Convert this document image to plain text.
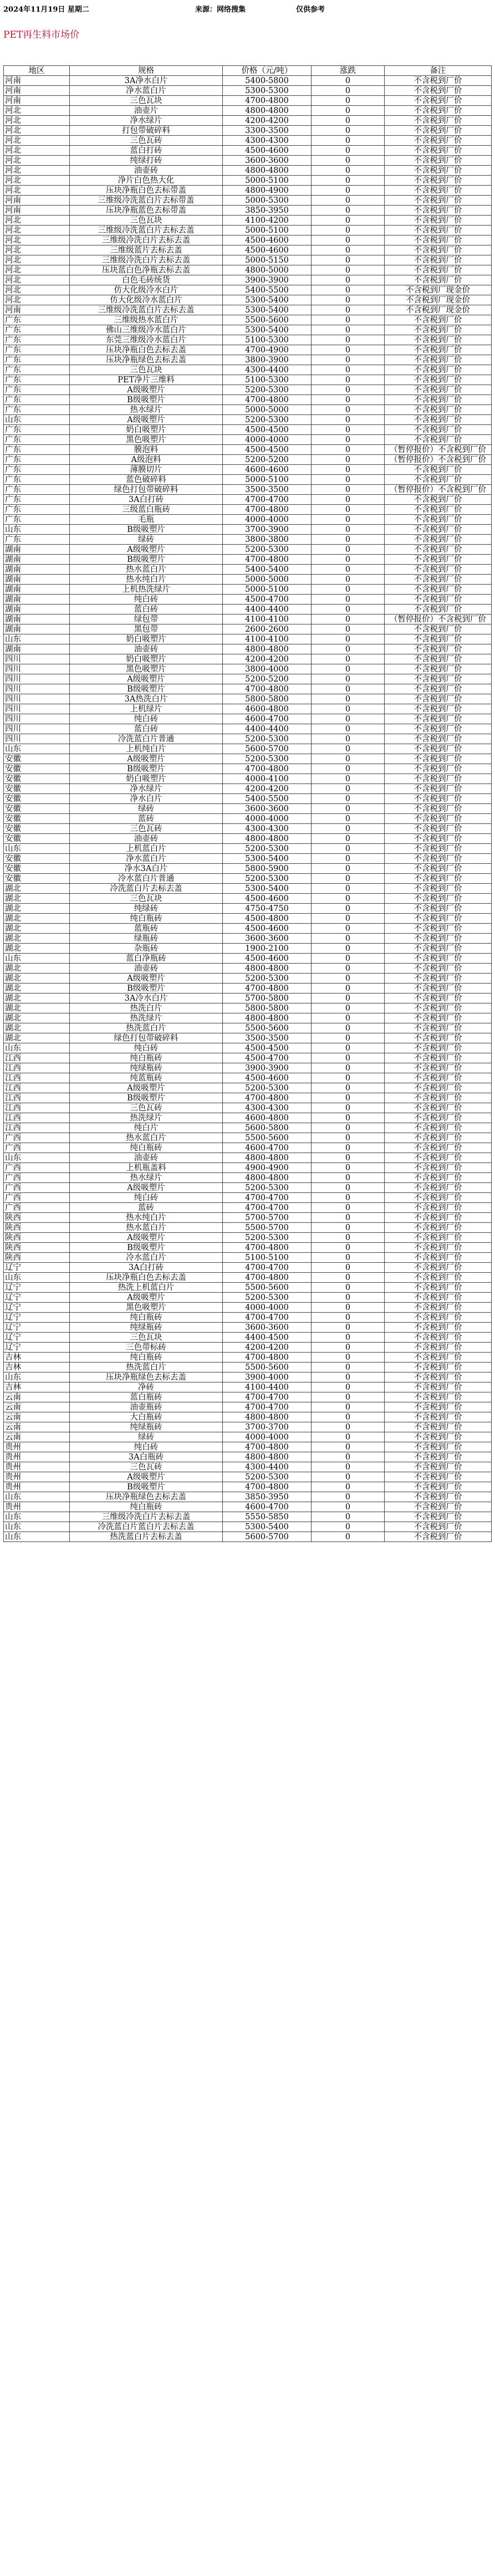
2024年11月19日 星期二	来源：网络搜集	仅供参考
PET再生料市场价
地区	规格	价格（元/吨）	涨跌	备注
河南	3A净水白片	5400-5800	0	不含税到厂价
河南	净水蓝白片	5300-5300	0	不含税到厂价
河南	三色瓦块	4700-4800	0	不含税到厂价
河北	油壶片	4800-4800	0	不含税到厂价
河北	净水绿片	4200-4200	0	不含税到厂价
河北	打包带破碎料	3300-3500	0	不含税到厂价
河北	三色瓦砖	4300-4300	0	不含税到厂价
河北	蓝白打砖	4500-4600	0	不含税到厂价
河北	纯绿打砖	3600-3600	0	不含税到厂价
河北	油壶砖	4800-4800	0	不含税到厂价
河北	净片白色热大化	5000-5100	0	不含税到厂价
河北	压块净瓶白色去标带盖	4800-4900	0	不含税到厂价
河南	三维级冷洗蓝白片去标带盖	5000-5300	0	不含税到厂价
河南	压块净瓶蓝色去标带盖	3850-3950	0	不含税到厂价
河北	三色瓦块	4100-4200	0	不含税到厂价
河北	三维级冷洗蓝白片去标去盖	5000-5100	0	不含税到厂价
河北	三维级冷洗白片去标去盖	4500-4600	0	不含税到厂价
河北	三维级蓝片去标去盖	4500-4600	0	不含税到厂价
河北	三维级冷洗白片去标去盖	5000-5150	0	不含税到厂价
河北	压块蓝白色净瓶去标去盖	4800-5000	0	不含税到厂价
河北	白色毛砖统货	3900-3900	0	不含税到厂价
河北	仿大化级冷水白片	5400-5500	0	不含税到厂现金价
河北	仿大化级冷水蓝白片	5300-5400	0	不含税到厂现金价
河南	三维级冷洗蓝白片去标去盖	5300-5400	0	不含税到厂现金价
广东	三维级热水蓝白片	5500-5600	0	不含税到厂价
广东	佛山三维级冷水蓝白片	5300-5400	0	不含税到厂价
广东	东莞三维级冷水蓝白片	5100-5300	0	不含税到厂价
广东	压块净瓶白色去标去盖	4700-4900	0	不含税到厂价
广东	压块净瓶绿色去标去盖	3800-3900	0	不含税到厂价
广东	三色瓦块	4300-4400	0	不含税到厂价
广东	PET净片三维料	5100-5300	0	不含税到厂价
广东	A级吸塑片	5200-5300	0	不含税到厂价
广东	B级吸塑片	4700-4800	0	不含税到厂价
广东	热水绿片	5000-5000	0	不含税到厂价
山东	A级吸塑片	5200-5300	0	不含税到厂价
广东	奶白吸塑片	4500-4500	0	不含税到厂价
广东	黑色吸塑片	4000-4000	0	不含税到厂价
广东	膜泡料	4500-4500	0	（暂停报价）不含税到厂价
广东	A级泡料	5200-5200	0	（暂停报价）不含税到厂价
广东	薄膜切片	4600-4600	0	不含税到厂价
广东	蓝色破碎料	5000-5100	0	不含税到厂价
广东	绿色打包带破碎料	3500-3500	0	（暂停报价）不含税到厂价
广东	3A白打砖	4700-4700	0	不含税到厂价
广东	三级蓝白瓶砖	4700-4800	0	不含税到厂价
广东	毛瓶	4000-4000	0	不含税到厂价
山东	B级吸塑片	3700-3900	0	不含税到厂价
广东	绿砖	3800-3800	0	不含税到厂价
湖南	A级吸塑片	5200-5300	0	不含税到厂价
湖南	B级吸塑片	4700-4800	0	不含税到厂价
湖南	热水蓝白片	5400-5400	0	不含税到厂价
湖南	热水纯白片	5000-5000	0	不含税到厂价
湖南	上机热洗绿片	5000-5100	0	不含税到厂价
湖南	纯白砖	4500-4700	0	不含税到厂价
湖南	蓝白砖	4400-4400	0	不含税到厂价
湖南	绿包带	4100-4100	0	（暂停报价）不含税到厂价
湖南	黑包带	2600-2600	0	不含税到厂价
山东	奶白吸塑片	4100-4100	0	不含税到厂价
湖南	油壶砖	4800-4800	0	不含税到厂价
四川	奶白吸塑片	4200-4200	0	不含税到厂价
四川	黑色吸塑片	3800-4000	0	不含税到厂价
四川	A级吸塑片	5200-5200	0	不含税到厂价
四川	B级吸塑片	4700-4800	0	不含税到厂价
四川	3A热洗白片	5800-5800	0	不含税到厂价
四川	上机绿片	4600-4800	0	不含税到厂价
四川	纯白砖	4600-4700	0	不含税到厂价
四川	蓝白砖	4400-4400	0	不含税到厂价
四川	冷洗蓝白片普通	5200-5300	0	不含税到厂价
山东	上机纯白片	5600-5700	0	不含税到厂价
安徽	A级吸塑片	5200-5300	0	不含税到厂价
安徽	B级吸塑片	4700-4800	0	不含税到厂价
安徽	奶白吸塑片	4000-4100	0	不含税到厂价
安徽	净水绿片	4200-4200	0	不含税到厂价
安徽	净水白片	5400-5500	0	不含税到厂价
安徽	绿砖	3600-3600	0	不含税到厂价
安徽	蓝砖	4000-4000	0	不含税到厂价
安徽	三色瓦砖	4300-4300	0	不含税到厂价
安徽	油壶砖	4800-4800	0	不含税到厂价
山东	上机蓝白片	5200-5300	0	不含税到厂价
安徽	净水蓝白片	5300-5400	0	不含税到厂价
安徽	净水3A白片	5800-5900	0	不含税到厂价
安徽	冷水蓝白片普通	5200-5300	0	不含税到厂价
湖北	冷洗蓝白片去标去盖	5300-5400	0	不含税到厂价
湖北	三色瓦块	4500-4600	0	不含税到厂价
湖北	纯绿砖	4750-4750	0	不含税到厂价
湖北	纯白瓶砖	4500-4800	0	不含税到厂价
湖北	蓝瓶砖	4500-4600	0	不含税到厂价
湖北	绿瓶砖	3600-3600	0	不含税到厂价
湖北	杂瓶砖	1900-2100	0	不含税到厂价
山东	蓝白净瓶砖	4500-4600	0	不含税到厂价
湖北	油壶砖	4800-4800	0	不含税到厂价
湖北	A级吸塑片	5200-5300	0	不含税到厂价
湖北	B级吸塑片	4700-4800	0	不含税到厂价
湖北	3A冷水白片	5700-5800	0	不含税到厂价
湖北	热洗白片	5800-5800	0	不含税到厂价
湖北	热洗绿片	4800-4800	0	不含税到厂价
湖北	热洗蓝白片	5500-5600	0	不含税到厂价
湖北	绿色打包带破碎料	3500-3500	0	不含税到厂价
山东	纯白砖	4500-4500	0	不含税到厂价
江西	纯白瓶砖	4500-4700	0	不含税到厂价
江西	纯绿瓶砖	3900-3900	0	不含税到厂价
江西	纯蓝瓶砖	4500-4600	0	不含税到厂价
江西	A级吸塑片	5200-5300	0	不含税到厂价
江西	B级吸塑片	4700-4800	0	不含税到厂价
江西	三色瓦砖	4300-4300	0	不含税到厂价
江西	热洗绿片	4600-4800	0	不含税到厂价
江西	纯白片	5600-5800	0	不含税到厂价
广西	热水蓝白片	5500-5600	0	不含税到厂价
广西	纯白瓶砖	4600-4700	0	不含税到厂价
山东	油壶砖	4800-4800	0	不含税到厂价
广西	上机瓶盖料	4900-4900	0	不含税到厂价
广西	热水绿片	4800-4800	0	不含税到厂价
广西	A级吸塑片	5200-5300	0	不含税到厂价
广西	纯白砖	4700-4700	0	不含税到厂价
广西	蓝砖	4700-4700	0	不含税到厂价
陕西	热水纯白片	5700-5700	0	不含税到厂价
陕西	热水蓝白片	5500-5700	0	不含税到厂价
陕西	A级吸塑片	5200-5300	0	不含税到厂价
陕西	B级吸塑片	4700-4800	0	不含税到厂价
陕西	冷水蓝白片	5100-5100	0	不含税到厂价
辽宁	3A白打砖	4700-4700	0	不含税到厂价
山东	压块净瓶白色去标去盖	4700-4800	0	不含税到厂价
辽宁	热洗上机蓝白片	5500-5600	0	不含税到厂价
辽宁	A级吸塑片	5200-5300	0	不含税到厂价
辽宁	黑色吸塑片	4000-4000	0	不含税到厂价
辽宁	纯白瓶砖	4700-4700	0	不含税到厂价
辽宁	纯绿瓶砖	3600-3600	0	不含税到厂价
辽宁	三色瓦块	4400-4500	0	不含税到厂价
辽宁	三色带标砖	4200-4200	0	不含税到厂价
吉林	纯白瓶砖	4700-4800	0	不含税到厂价
吉林	热洗蓝白片	5500-5600	0	不含税到厂价
山东	压块净瓶绿色去标去盖	3900-4000	0	不含税到厂价
吉林	净砖	4100-4400	0	不含税到厂价
云南	蓝白瓶砖	4700-4700	0	不含税到厂价
云南	油壶瓶砖	4700-4700	0	不含税到厂价
云南	大白瓶砖	4800-4800	0	不含税到厂价
云南	纯绿瓶砖	3700-3700	0	不含税到厂价
云南	绿砖	4000-4000	0	不含税到厂价
贵州	纯白砖	4700-4800	0	不含税到厂价
贵州	3A白瓶砖	4800-4800	0	不含税到厂价
贵州	三色瓦砖	4300-4400	0	不含税到厂价
贵州	A级吸塑片	5200-5300	0	不含税到厂价
贵州	B级吸塑片	4700-4800	0	不含税到厂价
山东	压块净瓶绿色去标去盖	3850-3950	0	不含税到厂价
贵州	纯白瓶砖	4600-4700	0	不含税到厂价
山东	三维级冷洗白片去标去盖	5550-5850	0	不含税到厂价
山东	冷洗蓝白片蓝白片去标去盖	5300-5400	0	不含税到厂价
山东	热洗蓝白片去标去盖	5600-5700	0	不含税到厂价
